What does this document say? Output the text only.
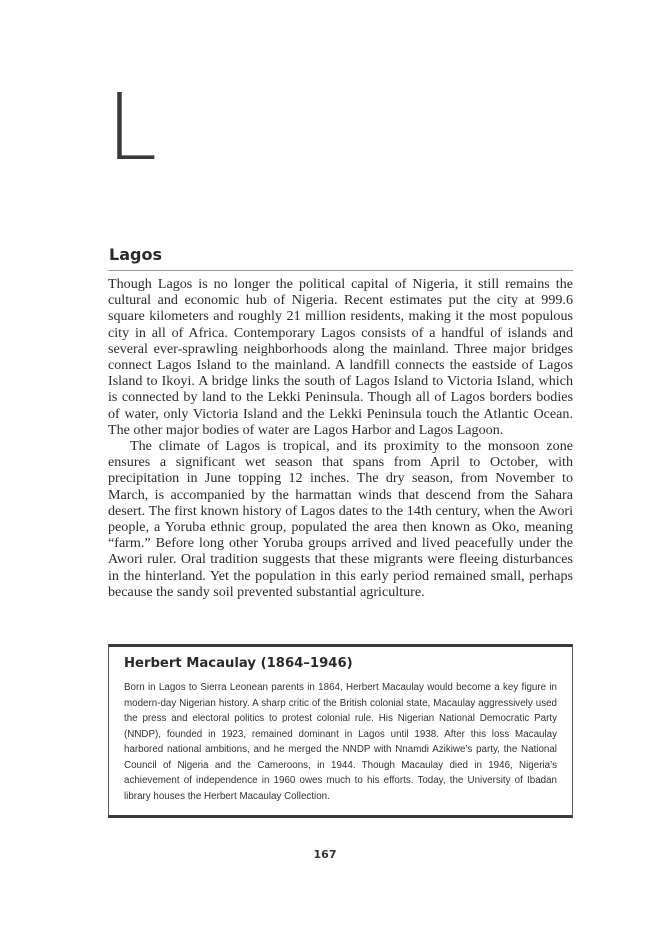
L
Lagos

Though Lagos is no longer the political capital of Nigeria, it still remains the cultural and economic hub of Nigeria. Recent estimates put the city at 999.6 square kilometers and roughly 21 million residents, making it the most populous city in all of Africa. Contemporary Lagos consists of a handful of islands and several ever-sprawling neighborhoods along the mainland. Three major bridges connect Lagos Island to the mainland. A landfill connects the eastside of Lagos Island to Ikoyi. A bridge links the south of Lagos Island to Victoria Island, which is connected by land to the Lekki Peninsula. Though all of Lagos borders bodies of water, only Victoria Island and the Lekki Peninsula touch the Atlantic Ocean. The other major bodies of water are Lagos Harbor and Lagos Lagoon.

The climate of Lagos is tropical, and its proximity to the monsoon zone ensures a significant wet season that spans from April to October, with precipitation in June topping 12 inches. The dry season, from November to March, is accompanied by the harmattan winds that descend from the Sahara desert. The first known history of Lagos dates to the 14th century, when the Awori people, a Yoruba ethnic group, populated the area then known as Oko, meaning “farm.” Before long other Yoruba groups arrived and lived peacefully under the Awori ruler. Oral tradition suggests that these migrants were fleeing disturbances in the hinterland. Yet the population in this early period remained small, perhaps because the sandy soil prevented substantial agriculture.

Herbert Macaulay (1864–1946)

Born in Lagos to Sierra Leonean parents in 1864, Herbert Macaulay would become a key figure in modern-day Nigerian history. A sharp critic of the British colonial state, Macaulay aggressively used the press and electoral politics to protest colonial rule. His Nigerian National Democratic Party (NNDP), founded in 1923, remained dominant in Lagos until 1938. After this loss Macaulay harbored national ambitions, and he merged the NNDP with Nnamdi Azikiwe’s party, the National Council of Nigeria and the Cameroons, in 1944. Though Macaulay died in 1946, Nigeria’s achievement of independence in 1960 owes much to his efforts. Today, the University of Ibadan library houses the Herbert Macaulay Collection.

167
